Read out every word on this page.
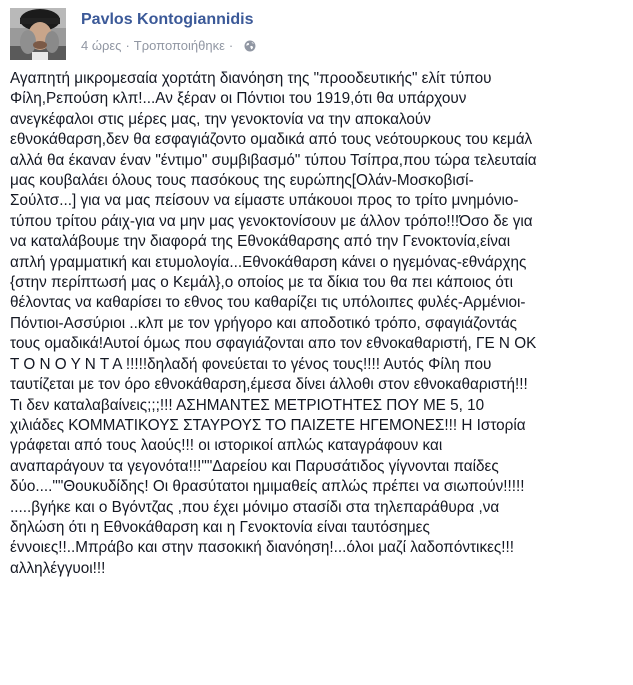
Pavlos Kontogiannidis
4 ώρες · Τροποποιήθηκε ·
Αγαπητή μικρομεσαία χορτάτη διανόηση της "προοδευτικής" ελίτ τύπου
Φίλη,Ρεπούση κλπ!...Αν ξέραν οι Πόντιοι του 1919,ότι θα υπάρχουν
ανεγκέφαλοι στις μέρες μας, την γενοκτονία να την αποκαλούν
εθνοκάθαρση,δεν θα εσφαγιάζοντο ομαδικά από τους νεότουρκους του κεμάλ
αλλά θα έκαναν έναν "έντιμο" συμβιβασμό" τύπου Τσίπρα,που τώρα τελευταία
μας κουβαλάει όλους τους πασόκους της ευρώπης[Ολάν-Μοσκοβισί-
Σούλτσ...] για να μας πείσουν να είμαστε υπάκουοι προς το τρίτο μνημόνιο-
τύπου τρίτου ράιχ-για να μην μας γενοκτονίσουν με άλλον τρόπο!!!Όσο δε για
να καταλάβουμε την διαφορά της Εθνοκάθαρσης από την Γενοκτονία,είναι
απλή γραμματική και ετυμολογία...Εθνοκάθαρση κάνει ο ηγεμόνας-εθνάρχης
{στην περίπτωσή μας ο Κεμάλ},ο οποίος με τα δίκια του θα πει κάποιος ότι
θέλοντας να καθαρίσει το εθνος του καθαρίζει τις υπόλοιπες φυλές-Αρμένιοι-
Πόντιοι-Ασσύριοι ..κλπ με τον γρήγορο και αποδοτικό τρόπο, σφαγιάζοντάς
τους ομαδικά!Αυτοί όμως που σφαγιάζονται απο τον εθνοκαθαριστή, ΓΕ Ν ΟΚ
Τ Ο Ν Ο Υ Ν Τ Α !!!!!δηλαδή φονεύεται το γένος τους!!!! Αυτός Φίλη που
ταυτίζεται με τον όρο εθνοκάθαρση,έμεσα δίνει άλλοθι στον εθνοκαθαριστή!!!
Τι δεν καταλαβαίνεις;;;!!! ΑΣΗΜΑΝΤΕΣ ΜΕΤΡΙΟΤΗΤΕΣ ΠΟΥ ΜΕ 5, 10
χιλιάδες ΚΟΜΜΑΤΙΚΟΥΣ ΣΤΑΥΡΟΥΣ ΤΟ ΠΑΙΖΕΤΕ ΗΓΕΜΟΝΕΣ!!! Η Ιστορία
γράφεται από τους λαούς!!! οι ιστορικοί απλώς καταγράφουν και
αναπαράγουν τα γεγονότα!!!""Δαρείου και Παρυσάτιδος γίγνονται παίδες
δύο....""Θουκυδίδης! Οι θρασύτατοι ημιμαθείς απλώς πρέπει να σιωπούν!!!!!
.....βγήκε και ο Βγόντζας ,που έχει μόνιμο στασίδι στα τηλεπαράθυρα ,να
δηλώση ότι η Εθνοκάθαρση και η Γενοκτονία είναι ταυτόσημες
έννοιες!!..Μπράβο και στην πασοκική διανόηση!...όλοι μαζί λαδοπόντικες!!!
αλληλέγγυοι!!!
